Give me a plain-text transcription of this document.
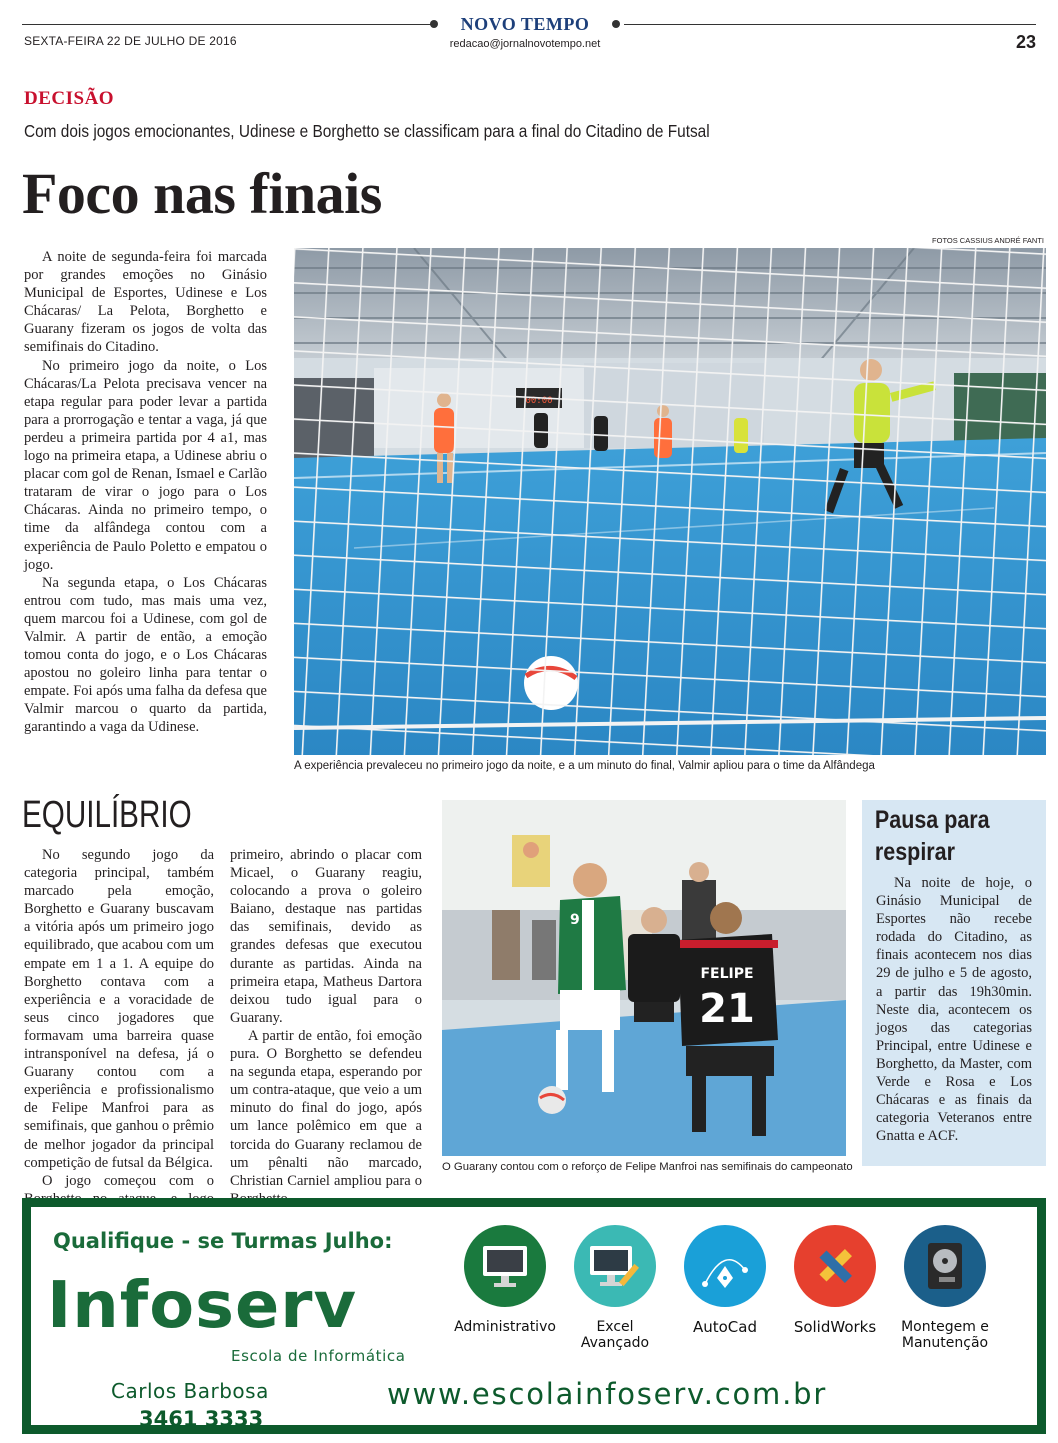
NOVO TEMPO
SEXTA-FEIRA 22 DE JULHO DE 2016	redacao@jornalnovotempo.net	23
DECISÃO
Com dois jogos emocionantes, Udinese e Borghetto se classificam para a final do Citadino de Futsal
Foco nas finais
FOTOS CASSIUS ANDRÉ FANTI

A noite de segunda-feira foi marcada por grandes emoções no Ginásio Municipal de Esportes, Udinese e Los Chácaras/ La Pelota, Borghetto e Guarany fizeram os jogos de volta das semifinais do Citadino.

No primeiro jogo da noite, o Los Chácaras/La Pelota precisava vencer na etapa regular para poder levar a partida para a prorrogação e tentar a vaga, já que perdeu a primeira partida por 4 a1, mas logo na primeira etapa, a Udinese abriu o placar com gol de Renan, Ismael e Carlão trataram de virar o jogo para o Los Chácaras. Ainda no primeiro tempo, o time da alfândega contou com a experiência de Paulo Poletto e empatou o jogo.

Na segunda etapa, o Los Chácaras entrou com tudo, mas mais uma vez, quem marcou foi a Udinese, com gol de Valmir. A partir de então, a emoção tomou conta do jogo, e o Los Chácaras apostou no goleiro linha para tentar o empate. Foi após uma falha da defesa que Valmir marcou o quarto da partida, garantindo a vaga da Udinese.

A experiência prevaleceu no primeiro jogo da noite, e a um minuto do final, Valmir apliou para o time da Alfândega
EQUILÍBRIO

No segundo jogo da categoria principal, também marcado pela emoção, Borghetto e Guarany buscavam a vitória após um primeiro jogo equilibrado, que acabou com um empate em 1 a 1. A equipe do Borghetto contava com a experiência e a voracidade de seus cinco jogadores que formavam uma barreira quase intransponível na defesa, já o Guarany contou com a experiência e profissionalismo de Felipe Manfroi para as semifinais, que ganhou o prêmio de melhor jogador da principal competição de futsal da Bélgica.

O jogo começou com o

primeiro, abrindo o placar com Micael, o Guarany reagiu, colocando a prova o goleiro Baiano, destaque nas partidas das semifinais, devido as grandes defesas que executou durante as partidas. Ainda na primeira etapa, Matheus Dartora deixou tudo igual para o Guarany.

A partir de então, foi emoção pura. O Borghetto se defendeu na segunda etapa, esperando por um contra-ataque, que veio a um minuto do final do jogo, após um lance polêmico em que a torcida do Guarany reclamou de um pênalti não marcado, Christian Carniel ampliou para o

9
FELIPE
21
O Guarany contou com o reforço de Felipe Manfroi nas semifinais do campeonato
Pausa para
respirar

Na noite de hoje, o Ginásio Municipal de Esportes não recebe rodada do Citadino, as finais acontecem nos dias 29 de julho e 5 de agosto, a partir das 19h30min. Neste dia, acontecem os jogos das categorias Principal, entre Udinese e Borghetto, da Master, com Verde e Rosa e Los Chácaras e as finais da categoria Veteranos entre Gnatta e ACF.

Qualifique - se Turmas Julho:
Infoserv
Escola de Informática
Carlos Barbosa
3461 3333
www.escolainfoserv.com.br
Administrativo	Excel
Avançado
AutoCad	SolidWorks	Montegem e
Manutenção
